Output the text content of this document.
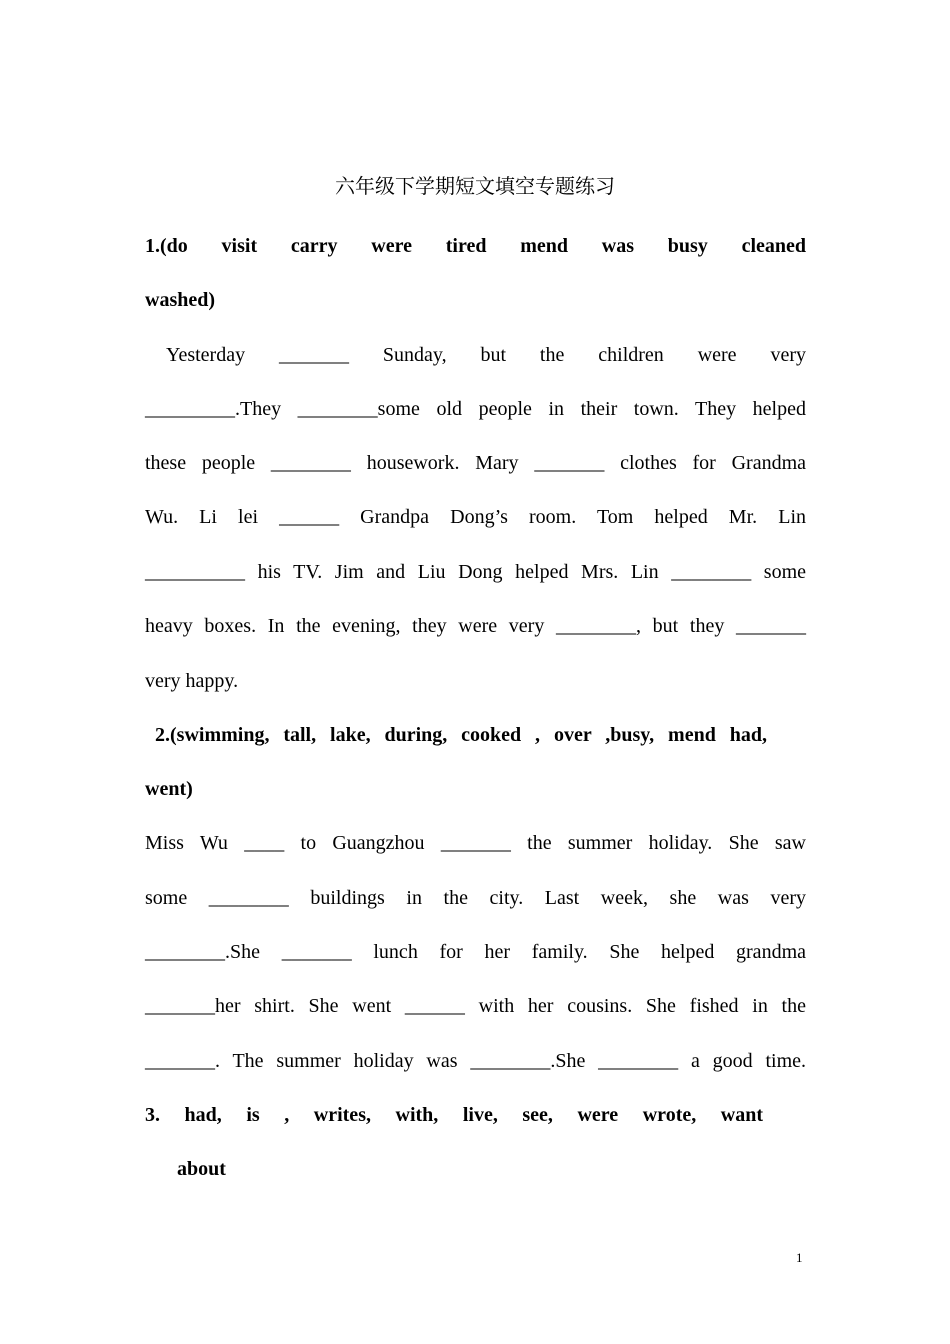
六年级下学期短文填空专题练习
1.(do visit carry were tired mend was busy cleaned
washed)
Yesterday _______ Sunday, but the children were very
_________.They ________some old people in their town. They helped
these people ________ housework. Mary _______ clothes for Grandma
Wu. Li lei ______ Grandpa Dong’s room. Tom helped Mr. Lin
__________ his TV. Jim and Liu Dong helped Mrs. Lin ________ some
heavy boxes. In the evening, they were very ________, but they _______
very happy.
2.(swimming, tall, lake, during, cooked , over ,busy, mend had,
went)
Miss Wu ____ to Guangzhou _______ the summer holiday. She saw
some ________ buildings in the city. Last week, she was very
________.She _______ lunch for her family. She helped grandma
_______her shirt. She went ______ with her cousins. She fished in the
_______. The summer holiday was ________.She ________ a good time.
3. had, is , writes, with, live, see, were wrote, want
about
1
